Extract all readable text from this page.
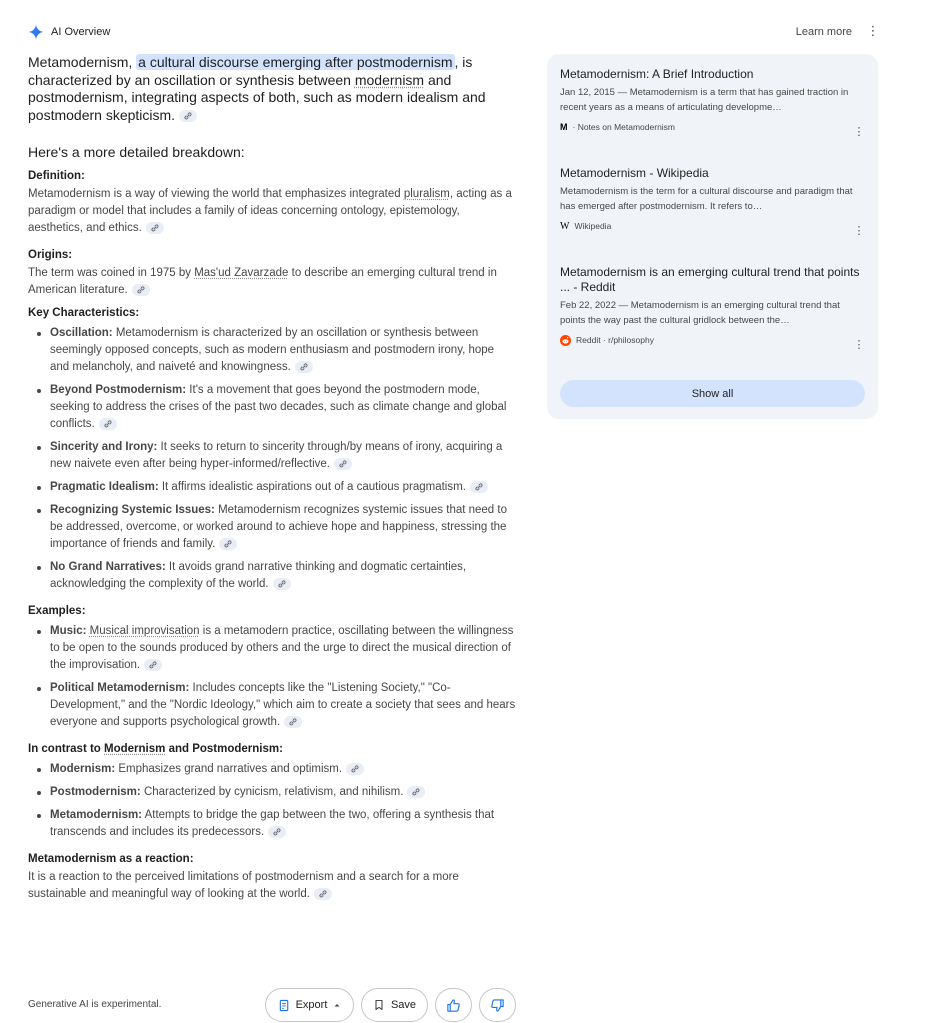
AI Overview	Learn more ⋮

Metamodernism, a cultural discourse emerging after postmodernism , is characterized by an oscillation or synthesis between modernism and postmodernism, integrating aspects of both, such as modern idealism and postmodern skepticism.

Here's a more detailed breakdown:
Definition:

Metamodernism is a way of viewing the world that emphasizes integrated pluralism, acting as a paradigm or model that includes a family of ideas concerning ontology, epistemology, aesthetics, and ethics.

Origins:

The term was coined in 1975 by Mas'ud Zavarzade to describe an emerging cultural trend in American literature.

Key Characteristics:
Oscillation: Metamodernism is characterized by an oscillation or synthesis between seemingly opposed concepts, such as modern enthusiasm and postmodern irony, hope and melancholy, and naiveté and knowingness.
Beyond Postmodernism: It's a movement that goes beyond the postmodern mode, seeking to address the crises of the past two decades, such as climate change and global conflicts.
Sincerity and Irony: It seeks to return to sincerity through/by means of irony, acquiring a new naivete even after being hyper-informed/reflective.
Pragmatic Idealism: It affirms idealistic aspirations out of a cautious pragmatism.
Recognizing Systemic Issues: Metamodernism recognizes systemic issues that need to be addressed, overcome, or worked around to achieve hope and happiness, stressing the importance of friends and family.
No Grand Narratives: It avoids grand narrative thinking and dogmatic certainties, acknowledging the complexity of the world.
Examples:
Music: Musical improvisation is a metamodern practice, oscillating between the willingness to be open to the sounds produced by others and the urge to direct the musical direction of the improvisation.
Political Metamodernism: Includes concepts like the "Listening Society," "Co-Development," and the "Nordic Ideology," which aim to create a society that sees and hears everyone and supports psychological growth.
In contrast to Modernism and Postmodernism:
Modernism: Emphasizes grand narratives and optimism.
Postmodernism: Characterized by cynicism, relativism, and nihilism.
Metamodernism: Attempts to bridge the gap between the two, offering a synthesis that transcends and includes its predecessors.
Metamodernism as a reaction:

It is a reaction to the perceived limitations of postmodernism and a search for a more sustainable and meaningful way of looking at the world.

Generative AI is experimental.	Export	Save
Metamodernism: A Brief Introduction
Jan 12, 2015 — Metamodernism is a term that has gained traction in recent years as a means of articulating developme…
M · Notes on Metamodernism	⋮
Metamodernism - Wikipedia
Metamodernism is the term for a cultural discourse and paradigm that has emerged after postmodernism. It refers to…
W Wikipedia	⋮
Metamodernism is an emerging cultural trend that points ... - Reddit
Feb 22, 2022 — Metamodernism is an emerging cultural trend that points the way past the cultural gridlock between the…
Reddit · r/philosophy	⋮
Show all
